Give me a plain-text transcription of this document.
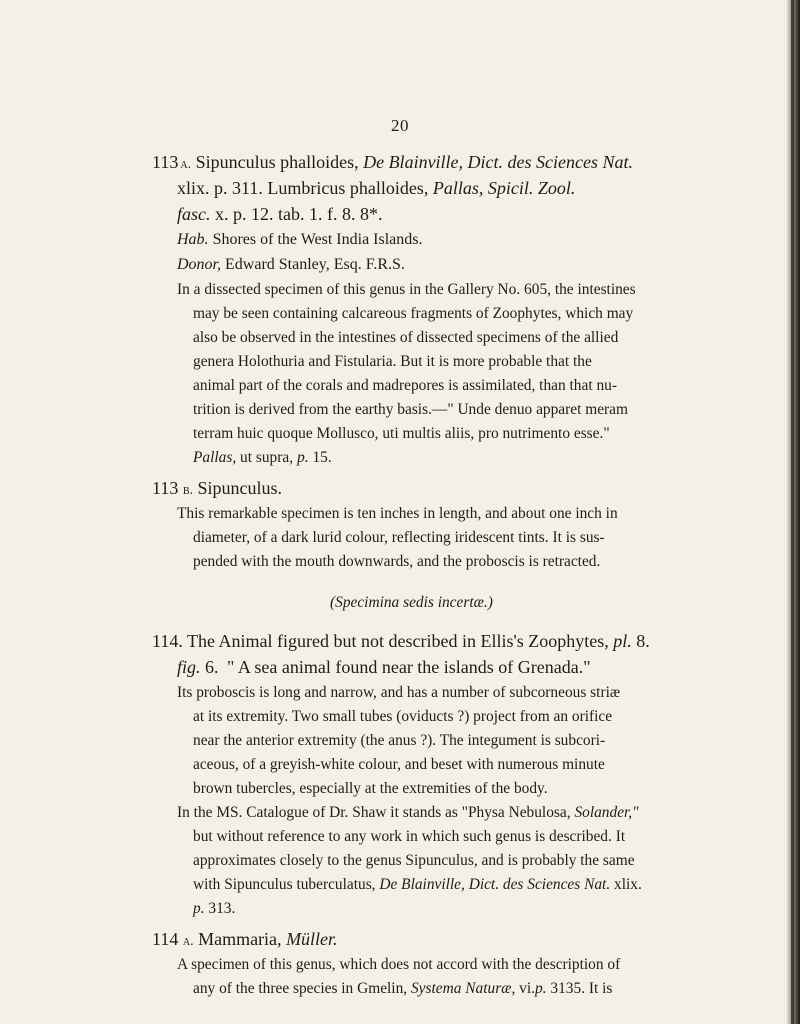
20
113 a. Sipunculus phalloides, De Blainville, Dict. des Sciences Nat.
xlix. p. 311. Lumbricus phalloides, Pallas, Spicil. Zool.
fasc. x. p. 12. tab. 1. f. 8. 8*.
Hab. Shores of the West India Islands.
Donor, Edward Stanley, Esq. F.R.S.
In a dissected specimen of this genus in the Gallery No. 605, the intestines
may be seen containing calcareous fragments of Zoophytes, which may
also be observed in the intestines of dissected specimens of the allied
genera Holothuria and Fistularia. But it is more probable that the
animal part of the corals and madrepores is assimilated, than that nu-
trition is derived from the earthy basis.—" Unde denuo apparet meram
terram huic quoque Mollusco, uti multis aliis, pro nutrimento esse."
Pallas, ut supra, p. 15.
113 b. Sipunculus.
This remarkable specimen is ten inches in length, and about one inch in
diameter, of a dark lurid colour, reflecting iridescent tints. It is sus-
pended with the mouth downwards, and the proboscis is retracted.
(Specimina sedis incertæ.)
114. The Animal figured but not described in Ellis's Zoophytes, pl. 8.
fig. 6. " A sea animal found near the islands of Grenada."
Its proboscis is long and narrow, and has a number of subcorneous striæ
at its extremity. Two small tubes (oviducts ?) project from an orifice
near the anterior extremity (the anus ?). The integument is subcori-
aceous, of a greyish-white colour, and beset with numerous minute
brown tubercles, especially at the extremities of the body.
In the MS. Catalogue of Dr. Shaw it stands as "Physa Nebulosa, Solander,"
but without reference to any work in which such genus is described. It
approximates closely to the genus Sipunculus, and is probably the same
with Sipunculus tuberculatus, De Blainville, Dict. des Sciences Nat. xlix.
p. 313.
114 a. Mammaria, Müller.
A specimen of this genus, which does not accord with the description of
any of the three species in Gmelin, Systema Naturæ, vi.p. 3135. It is
